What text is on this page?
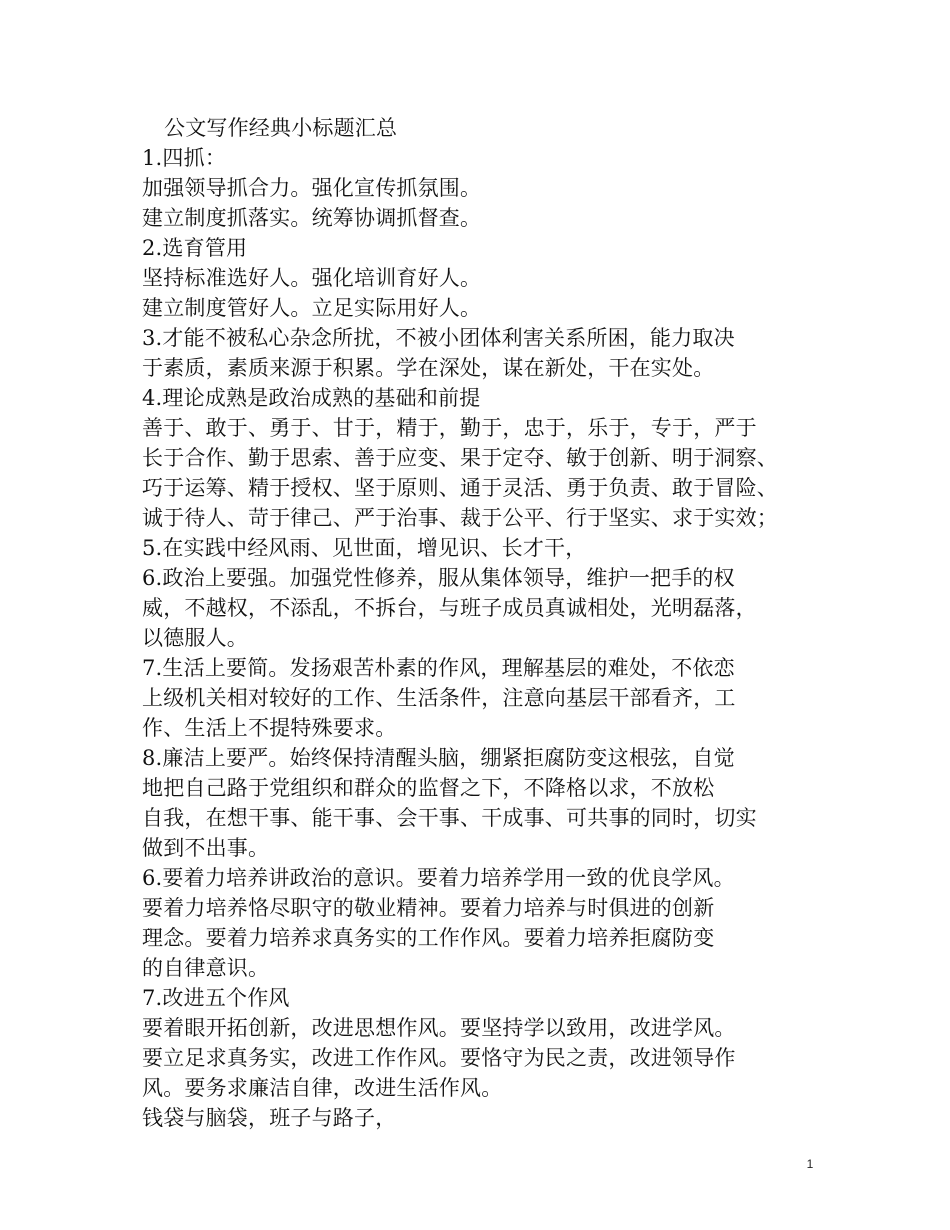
公文写作经典小标题汇总
1.四抓：
加强领导抓合力。强化宣传抓氛围。
建立制度抓落实。统筹协调抓督查。
2.选育管用
坚持标准选好人。强化培训育好人。
建立制度管好人。立足实际用好人。
3.才能不被私心杂念所扰，不被小团体利害关系所困，能力取决
于素质，素质来源于积累。学在深处，谋在新处，干在实处。
4.理论成熟是政治成熟的基础和前提
善于、敢于、勇于、甘于，精于，勤于，忠于，乐于，专于，严于
长于合作、勤于思索、善于应变、果于定夺、敏于创新、明于洞察、
巧于运筹、精于授权、坚于原则、通于灵活、勇于负责、敢于冒险、
诚于待人、苛于律己、严于治事、裁于公平、行于坚实、求于实效；
5.在实践中经风雨、见世面，增见识、长才干，
6.政治上要强。加强党性修养，服从集体领导，维护一把手的权
威，不越权，不添乱，不拆台，与班子成员真诚相处，光明磊落，
以德服人。
7.生活上要简。发扬艰苦朴素的作风，理解基层的难处，不依恋
上级机关相对较好的工作、生活条件，注意向基层干部看齐，工
作、生活上不提特殊要求。
8.廉洁上要严。始终保持清醒头脑，绷紧拒腐防变这根弦，自觉
地把自己路于党组织和群众的监督之下，不降格以求，不放松
自我，在想干事、能干事、会干事、干成事、可共事的同时，切实
做到不出事。
6.要着力培养讲政治的意识。要着力培养学用一致的优良学风。
要着力培养恪尽职守的敬业精神。要着力培养与时俱进的创新
理念。要着力培养求真务实的工作作风。要着力培养拒腐防变
的自律意识。
7.改进五个作风
要着眼开拓创新，改进思想作风。要坚持学以致用，改进学风。
要立足求真务实，改进工作作风。要恪守为民之责，改进领导作
风。要务求廉洁自律，改进生活作风。
钱袋与脑袋，班子与路子，
1
